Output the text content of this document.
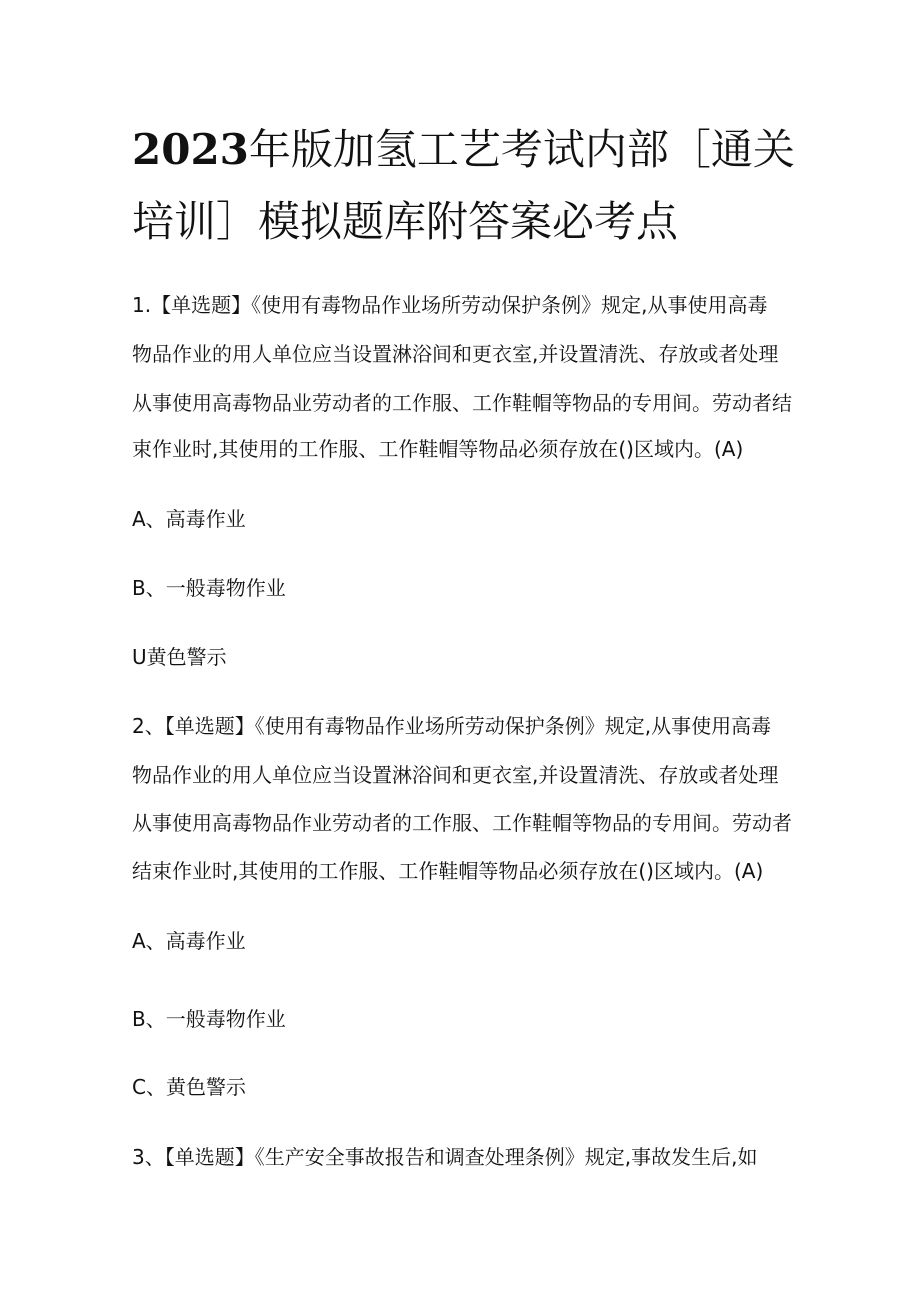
2023年版加氢工艺考试内部［通关
培训］模拟题库附答案必考点
1.【单选题】《使用有毒物品作业场所劳动保护条例》规定,从事使用高毒
物品作业的用人单位应当设置淋浴间和更衣室,并设置清洗、存放或者处理
从事使用高毒物品业劳动者的工作服、工作鞋帽等物品的专用间。劳动者结
束作业时,其使用的工作服、工作鞋帽等物品必须存放在()区域内。(A)
A、高毒作业
B、一般毒物作业
U黄色警示
2、【单选题】《使用有毒物品作业场所劳动保护条例》规定,从事使用高毒
物品作业的用人单位应当设置淋浴间和更衣室,并设置清洗、存放或者处理
从事使用高毒物品作业劳动者的工作服、工作鞋帽等物品的专用间。劳动者
结束作业时,其使用的工作服、工作鞋帽等物品必须存放在()区域内。(A)
A、高毒作业
B、一般毒物作业
C、黄色警示
3、【单选题】《生产安全事故报告和调查处理条例》规定,事故发生后,如
